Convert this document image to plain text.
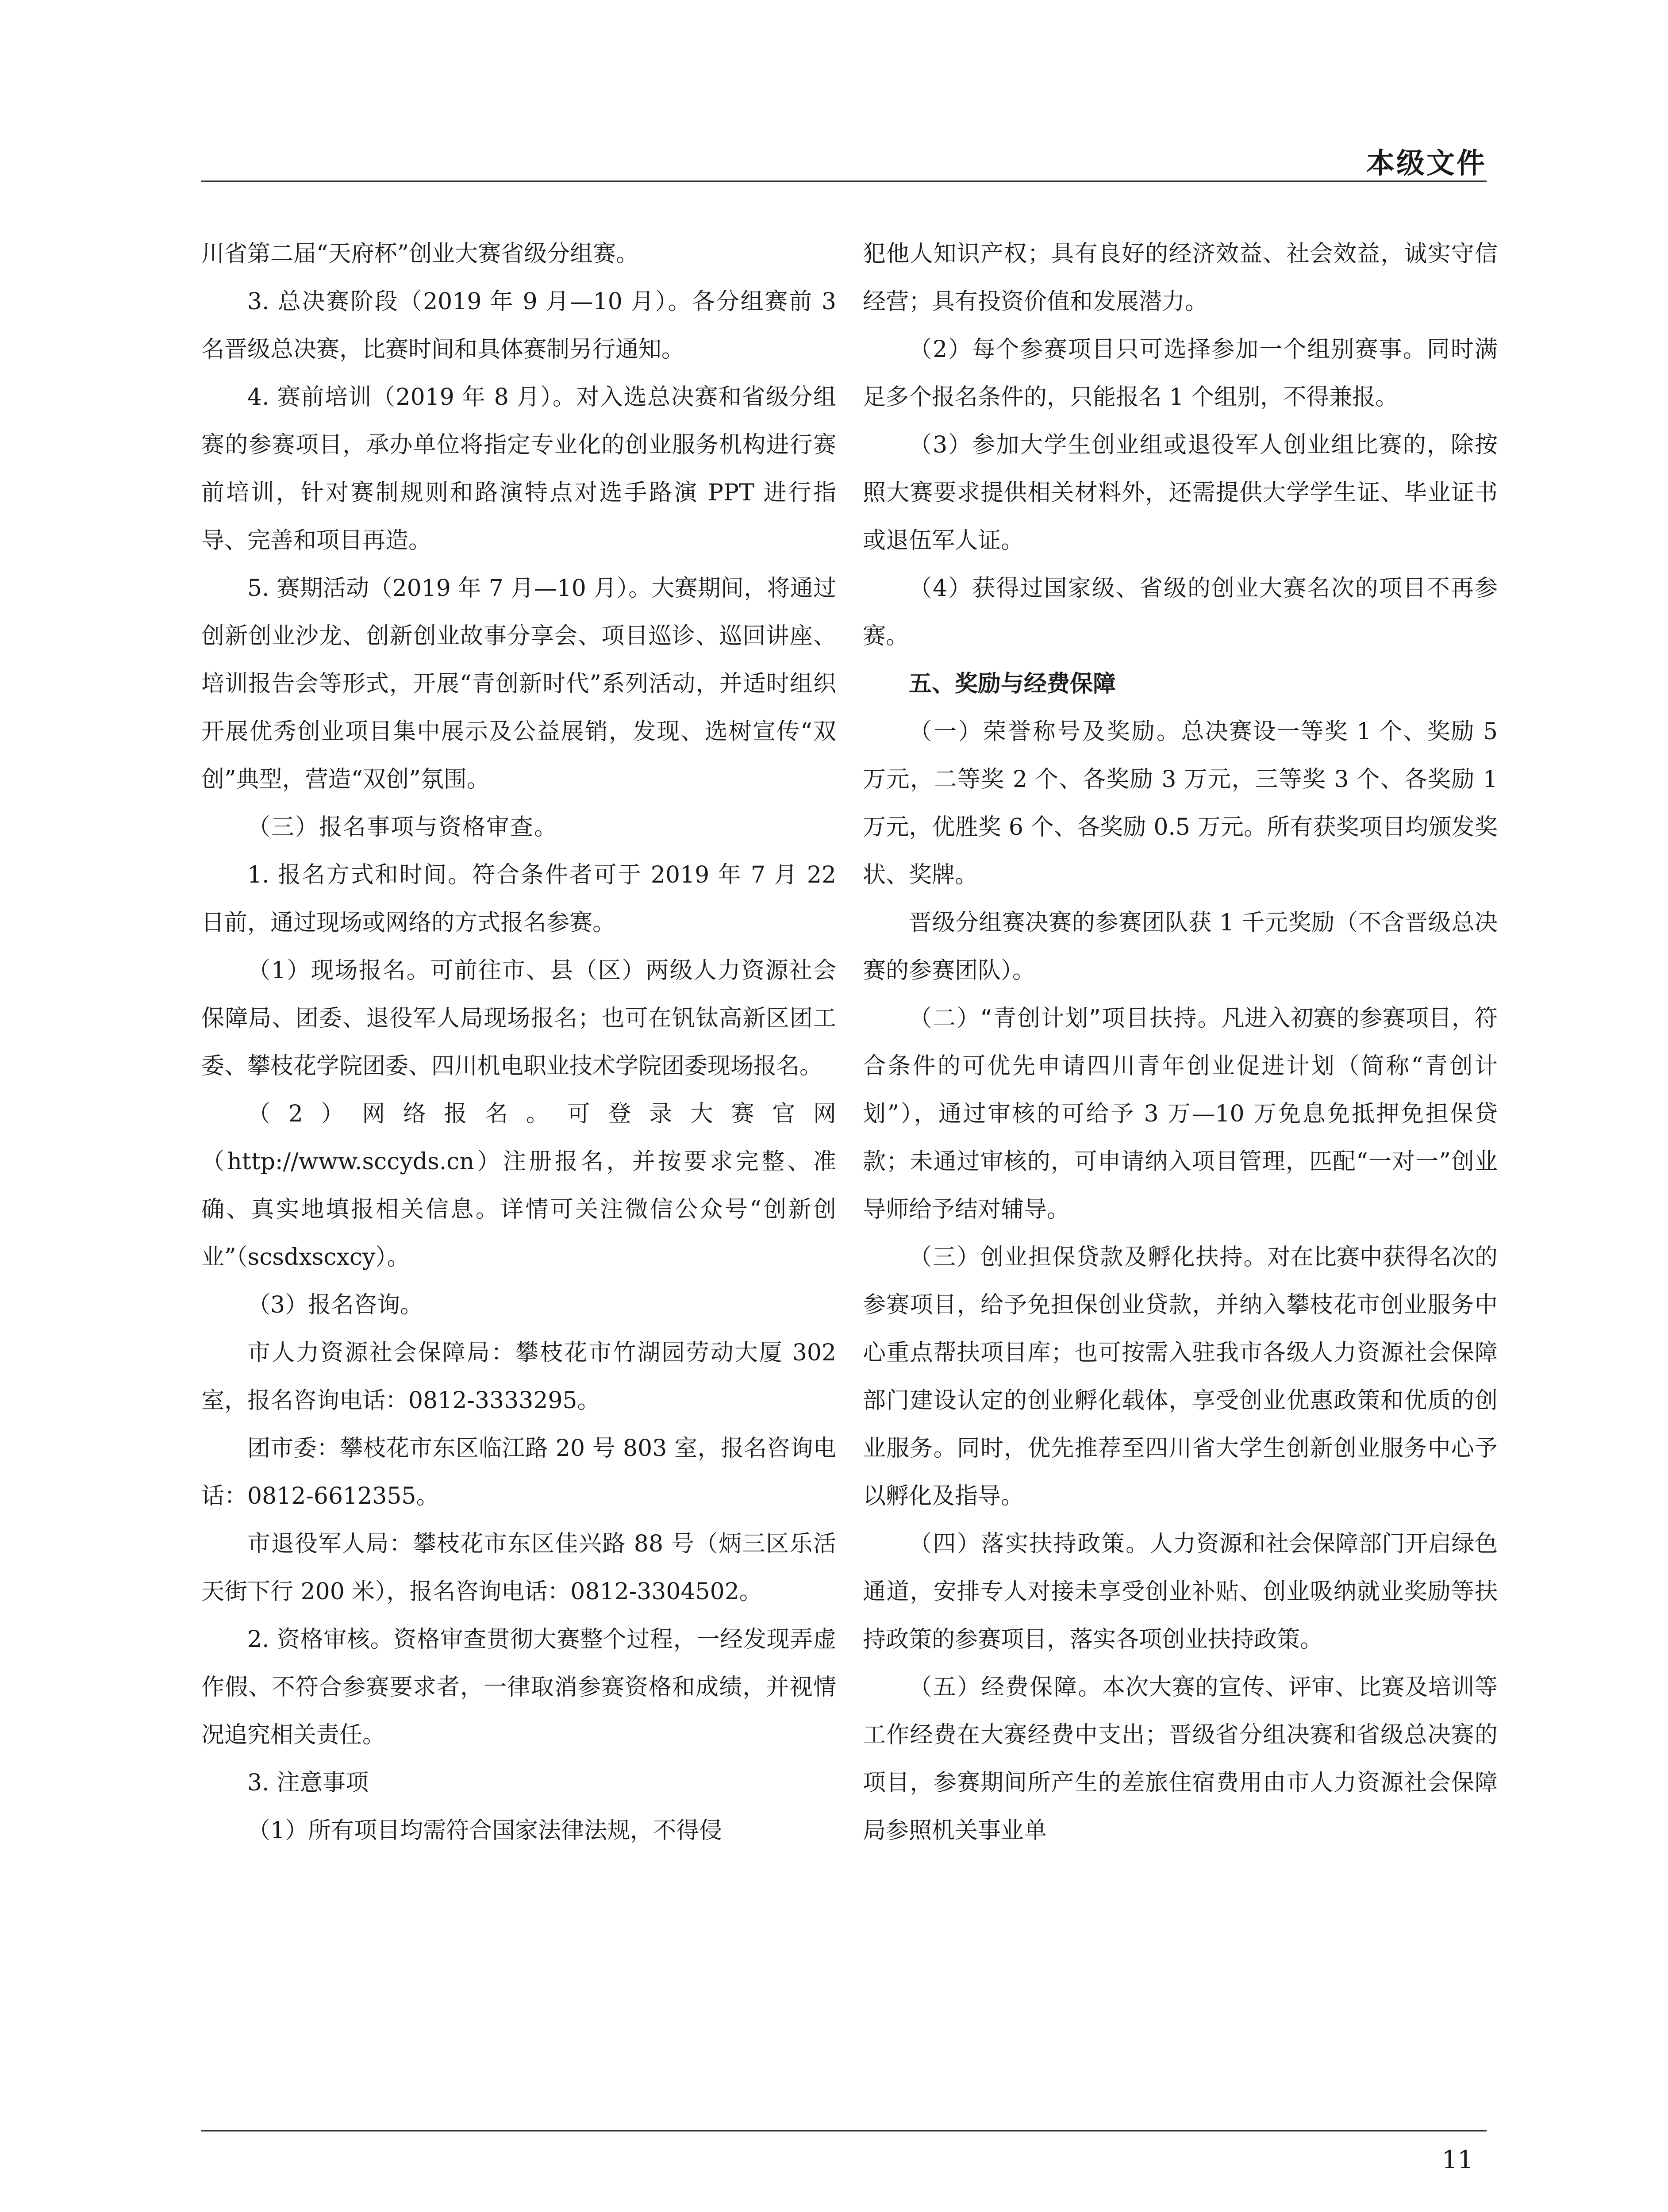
本级文件

川省第二届“天府杯”创业大赛省级分组赛。

3. 总决赛阶段（2019 年 9 月—10 月）。各分组赛前 3 名晋级总决赛，比赛时间和具体赛制另行通知。

4. 赛前培训（2019 年 8 月）。对入选总决赛和省级分组赛的参赛项目，承办单位将指定专业化的创业服务机构进行赛前培训，针对赛制规则和路演特点对选手路演 PPT 进行指导、完善和项目再造。

5. 赛期活动（2019 年 7 月—10 月）。大赛期间，将通过创新创业沙龙、创新创业故事分享会、项目巡诊、巡回讲座、培训报告会等形式，开展“青创新时代”系列活动，并适时组织开展优秀创业项目集中展示及公益展销，发现、选树宣传“双创”典型，营造“双创”氛围。

（三）报名事项与资格审查。

1. 报名方式和时间。符合条件者可于 2019 年 7 月 22 日前，通过现场或网络的方式报名参赛。

（1）现场报名。可前往市、县（区）两级人力资源社会保障局、团委、退役军人局现场报名；也可在钒钛高新区团工委、攀枝花学院团委、四川机电职业技术学院团委现场报名。

（2）网络报名。可登录大赛官网（http://www.sccyds.cn）注册报名，并按要求完整、准确、真实地填报相关信息。详情可关注微信公众号“创新创业”（scsdxscxcy）。

（3）报名咨询。

市人力资源社会保障局：攀枝花市竹湖园劳动大厦 302 室，报名咨询电话：0812-3333295。

团市委：攀枝花市东区临江路 20 号 803 室，报名咨询电话：0812-6612355。

市退役军人局：攀枝花市东区佳兴路 88 号（炳三区乐活天街下行 200 米），报名咨询电话：0812-3304502。

2. 资格审核。资格审查贯彻大赛整个过程，一经发现弄虚作假、不符合参赛要求者，一律取消参赛资格和成绩，并视情况追究相关责任。

3. 注意事项

（1）所有项目均需符合国家法律法规，不得侵

犯他人知识产权；具有良好的经济效益、社会效益，诚实守信经营；具有投资价值和发展潜力。

（2）每个参赛项目只可选择参加一个组别赛事。同时满足多个报名条件的，只能报名 1 个组别，不得兼报。

（3）参加大学生创业组或退役军人创业组比赛的，除按照大赛要求提供相关材料外，还需提供大学学生证、毕业证书或退伍军人证。

（4）获得过国家级、省级的创业大赛名次的项目不再参赛。

五、奖励与经费保障

（一）荣誉称号及奖励。总决赛设一等奖 1 个、奖励 5 万元，二等奖 2 个、各奖励 3 万元，三等奖 3 个、各奖励 1 万元，优胜奖 6 个、各奖励 0.5 万元。所有获奖项目均颁发奖状、奖牌。

晋级分组赛决赛的参赛团队获 1 千元奖励（不含晋级总决赛的参赛团队）。

（二）“青创计划”项目扶持。凡进入初赛的参赛项目，符合条件的可优先申请四川青年创业促进计划（简称“青创计划”），通过审核的可给予 3 万—10 万免息免抵押免担保贷款；未通过审核的，可申请纳入项目管理，匹配“一对一”创业导师给予结对辅导。

（三）创业担保贷款及孵化扶持。对在比赛中获得名次的参赛项目，给予免担保创业贷款，并纳入攀枝花市创业服务中心重点帮扶项目库；也可按需入驻我市各级人力资源社会保障部门建设认定的创业孵化载体，享受创业优惠政策和优质的创业服务。同时，优先推荐至四川省大学生创新创业服务中心予以孵化及指导。

（四）落实扶持政策。人力资源和社会保障部门开启绿色通道，安排专人对接未享受创业补贴、创业吸纳就业奖励等扶持政策的参赛项目，落实各项创业扶持政策。

（五）经费保障。本次大赛的宣传、评审、比赛及培训等工作经费在大赛经费中支出；晋级省分组决赛和省级总决赛的项目，参赛期间所产生的差旅住宿费用由市人力资源社会保障局参照机关事业单

11
